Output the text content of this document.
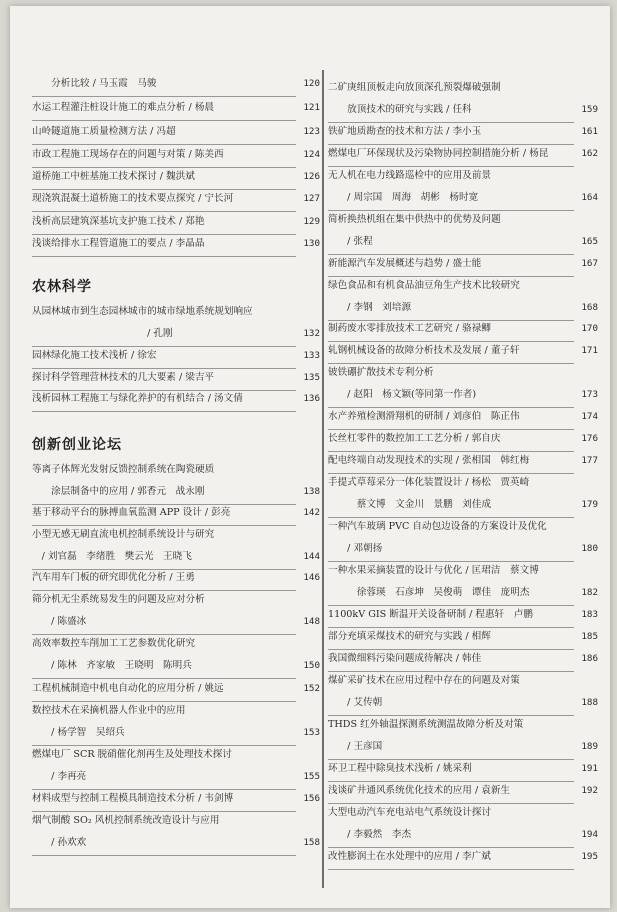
　　分析比较 / 马玉霞　马骏	120
水运工程灌注桩设计施工的难点分析 / 杨晨	121
山岭隧道施工质量检测方法 / 冯超	123
市政工程施工现场存在的问题与对策 / 陈美西	124
道桥施工中桩基施工技术探讨 / 魏洪斌	126
现浇筑混凝土道桥施工的技术要点探究 / 宁长河	127
浅析高层建筑深基坑支护施工技术 / 郑艳	129
浅谈给排水工程管道施工的要点 / 李晶晶	130
从园林城市到生态园林城市的城市绿地系统规划响应
　　　　　　　　　　　　/ 孔刚	132
园林绿化施工技术浅析 / 徐宏	133
探讨科学管理营林技术的几大要素 / 梁吉平	135
浅析园林工程施工与绿化养护的有机结合 / 汤文倩	136
等离子体辉光发射反馈控制系统在陶瓷硬质
　　涂层制备中的应用 / 郭香元　战永刚	138
基于移动平台的脉搏血氧监测 APP 设计 / 彭亮	142
小型无感无刷直流电机控制系统设计与研究
　/ 刘官磊　李绪胜　樊云光　王晓飞	144
汽车用车门板的研究即优化分析 / 王勇	146
筛分机无尘系统易发生的问题及应对分析
　　/ 陈盛冰	148
高效率数控车削加工工艺参数优化研究
　　/ 陈林　齐家敏　王晓明　陈明兵	150
工程机械制造中机电自动化的应用分析 / 姚远	152
数控技术在采摘机器人作业中的应用
　　/ 杨学智　吴绍兵	153
燃煤电厂 SCR 脱硝催化剂再生及处理技术探讨
　　/ 李再亮	155
材料成型与控制工程模具制造技术分析 / 韦剑博	156
烟气制酸 SO₂ 风机控制系统改造设计与应用
　　/ 孙欢欢	158
农林科学
创新创业论坛
二矿庚组顶板走向放顶深孔预裂爆破强制
　　放顶技术的研究与实践 / 任科	159
铁矿地质勘查的技术和方法 / 李小玉	161
燃煤电厂环保现状及污染物协同控制措施分析 / 杨昆	162
无人机在电力线路巡检中的应用及前景
　　/ 周宗国　周海　胡彬　杨时宽	164
简析换热机组在集中供热中的优势及问题
　　/ 张程	165
新能源汽车发展概述与趋势 / 盛士能	167
绿色食品和有机食品油豆角生产技术比较研究
　　/ 李钢　刘培源	168
制药废水零排放技术工艺研究 / 骆禄鲫	170
轧钢机械设备的故障分析技术及发展 / 董子轩	171
铍铁硼扩散技术专利分析
　　/ 赵阳　杨文颖(等同第一作者)	173
水产养殖检测滑翔机的研制 / 刘彦伯　陈正伟	174
长丝杠零件的数控加工工艺分析 / 郭自庆	176
配电终端自动发现技术的实现 / 张相国　韩红梅	177
手提式草莓采分一体化装置设计 / 杨松　贾英崎
　　　蔡文博　文金川　景鹏　刘佳成	179
一种汽车玻璃 PVC 自动包边设备的方案设计及优化
　　/ 邓朝扬	180
一种水果采摘装置的设计与优化 / 匡珺洁　蔡文博
　　　徐蓉瑛　石彦坤　吴俊萌　谭佳　庞明杰	182
1100kV GIS 断温开关设备研制 / 程惠轩　卢鹏	183
部分充填采煤技术的研究与实践 / 相辉	185
我国微细料污染问题成待解决 / 韩佳	186
煤矿采矿技术在应用过程中存在的问题及对策
　　/ 艾传朝	188
THDS 红外轴温探测系统测温故障分析及对策
　　/ 王彦国	189
环卫工程中除臭技术浅析 / 姚采利	191
浅谈矿井通风系统优化技术的应用 / 袁新生	192
大型电动汽车充电站电气系统设计探讨
　　/ 李毅然　李杰	194
改性膨润土在水处理中的应用 / 李广斌	195
